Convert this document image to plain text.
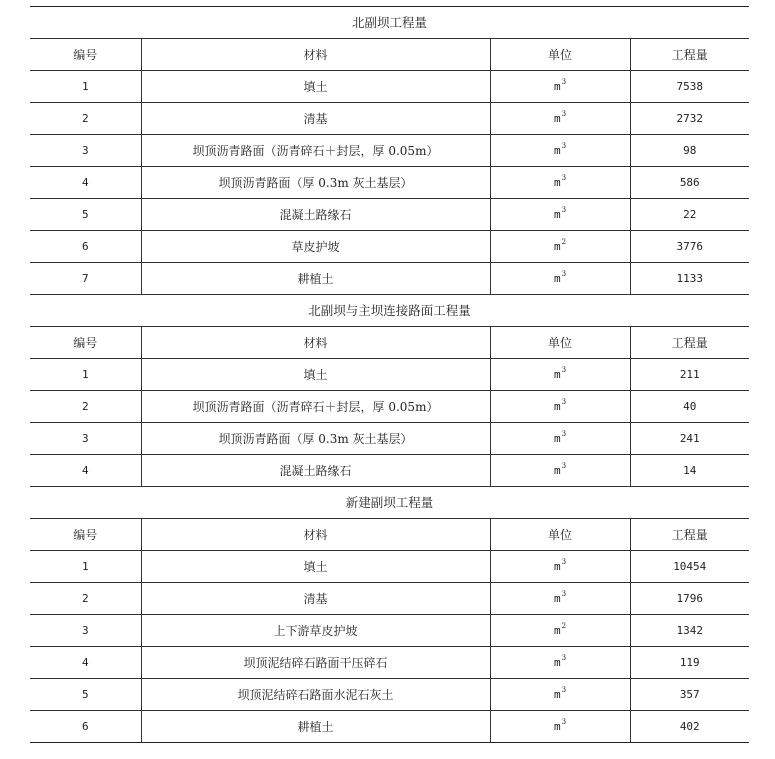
北副坝工程量			
编号	材料	单位	工程量
1	填土	$m^3$	7538
2	清基	$m^3$	2732
3	坝顶沥青路面（沥青碎石＋封层，厚 0.05m）	$m^3$	98
4	坝顶沥青路面（厚 0.3m 灰土基层）	$m^3$	586
5	混凝土路缘石	$m^3$	22
6	草皮护坡	$m^2$	3776
7	耕植土	$m^3$	1133
北副坝与主坝连接路面工程量			
编号	材料	单位	工程量
1	填土	$m^3$	211
2	坝顶沥青路面（沥青碎石＋封层，厚 0.05m）	$m^3$	40
3	坝顶沥青路面（厚 0.3m 灰土基层）	$m^3$	241
4	混凝土路缘石	$m^3$	14
新建副坝工程量			
编号	材料	单位	工程量
1	填土	$m^3$	10454
2	清基	$m^3$	1796
3	上下游草皮护坡	$m^2$	1342
4	坝顶泥结碎石路面干压碎石	$m^3$	119
5	坝顶泥结碎石路面水泥石灰土	$m^3$	357
6	耕植土	$m^3$	402
